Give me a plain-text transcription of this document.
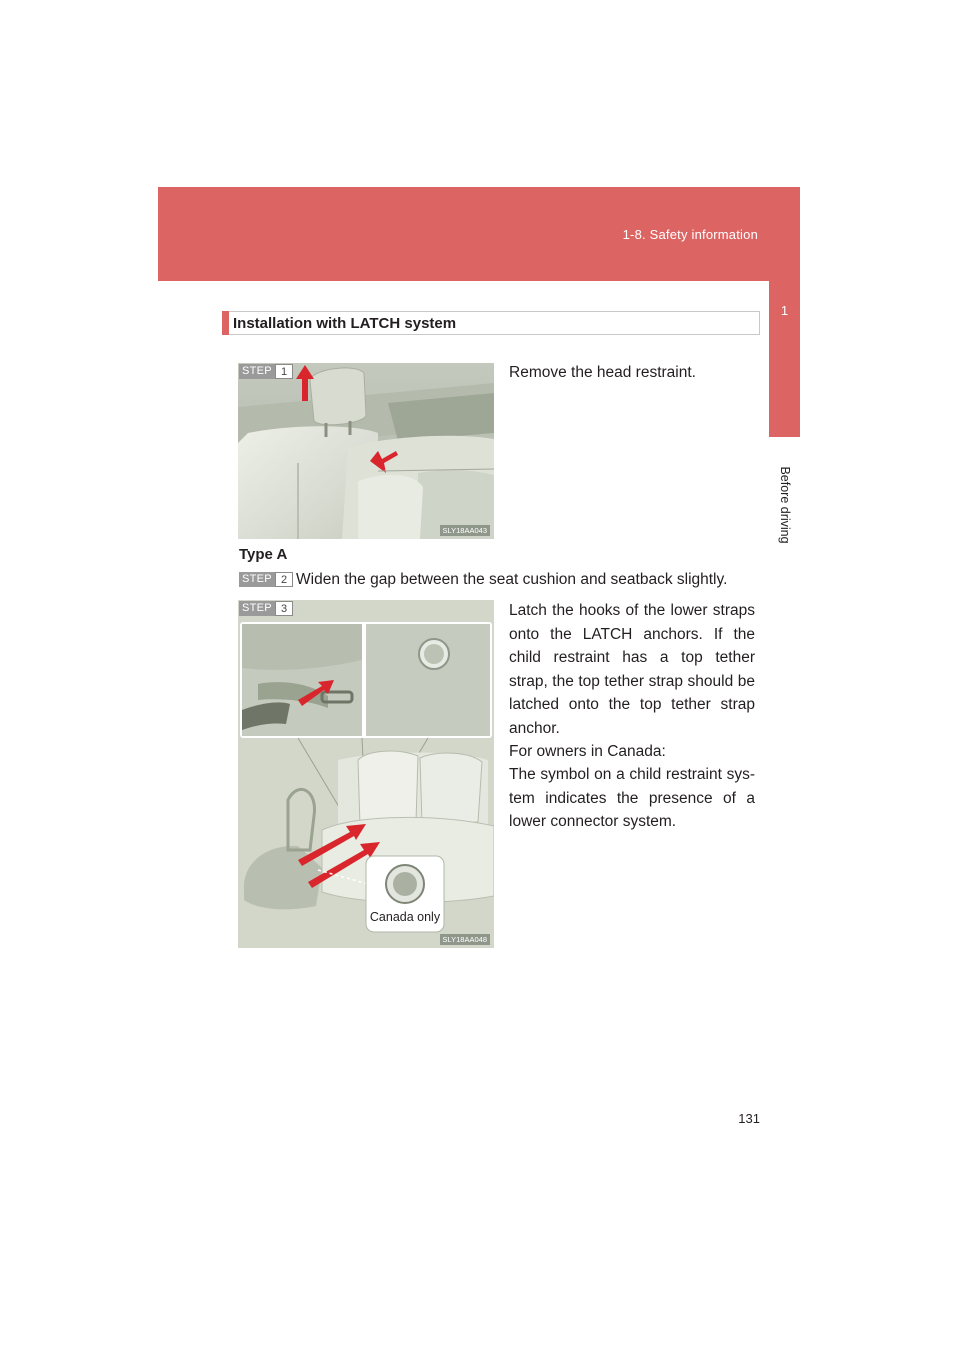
1-8. Safety information
1
Before driving
Installation with LATCH system
SLY18AA043
STEP 1	Remove the head restraint.
Type A
STEP 2 Widen the gap between the seat cushion and seatback slightly.
Canada only
SLY18AA048
STEP 3	Latch the hooks of the lower straps onto the LATCH anchors. If the child restraint has a top tether strap, the top tether strap should be latched onto the top tether strap anchor.
For owners in Canada:
The symbol on a child restraint sys-tem indicates the presence of a lower connector system.
131
